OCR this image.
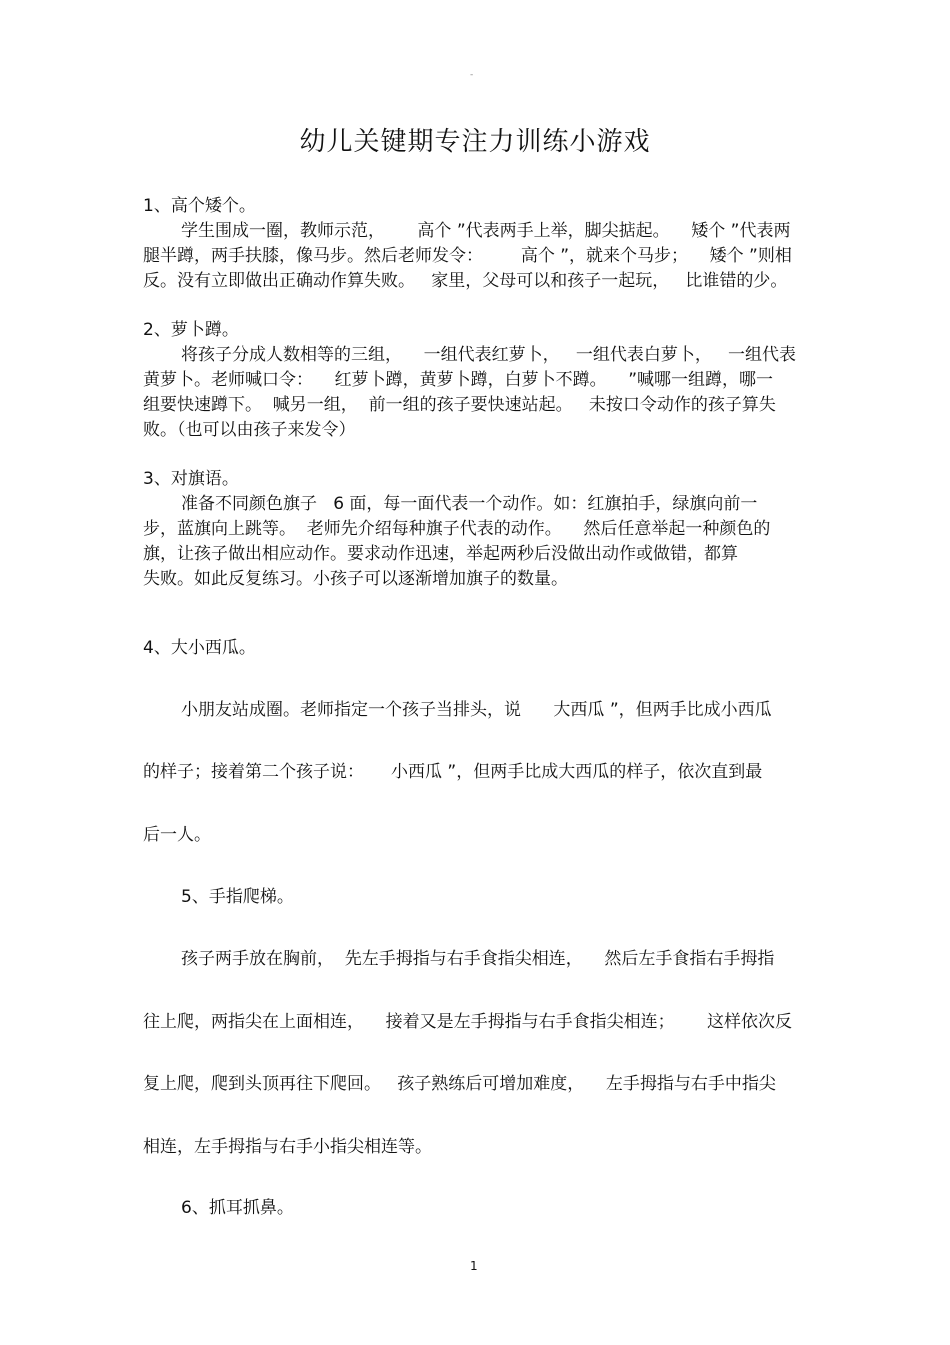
-
幼儿关键期专注力训练小游戏
1、高个矮个。
学生围成一圈，教师示范，      高个 ”代表两手上举，脚尖掂起。    矮个 ”代表两
腿半蹲，两手扶膝，像马步。然后老师发令：       高个 ”，就来个马步；    矮个 ”则相
反。没有立即做出正确动作算失败。   家里，父母可以和孩子一起玩，   比谁错的少。
2、萝卜蹲。
将孩子分成人数相等的三组，    一组代表红萝卜，   一组代表白萝卜，   一组代表
黄萝卜。老师喊口令：    红萝卜蹲，黄萝卜蹲，白萝卜不蹲。    ”喊哪一组蹲，哪一
组要快速蹲下。  喊另一组，  前一组的孩子要快速站起。   未按口令动作的孩子算失
败。（也可以由孩子来发令）
3、对旗语。
准备不同颜色旗子   6 面，每一面代表一个动作。如：红旗拍手，绿旗向前一
步，蓝旗向上跳等。  老师先介绍每种旗子代表的动作。    然后任意举起一种颜色的
旗，让孩子做出相应动作。要求动作迅速，举起两秒后没做出动作或做错，都算
失败。如此反复练习。小孩子可以逐渐增加旗子的数量。
4、大小西瓜。
小朋友站成圈。老师指定一个孩子当排头，说      大西瓜 ”，但两手比成小西瓜
的样子；接着第二个孩子说：     小西瓜 ”，但两手比成大西瓜的样子，依次直到最
后一人。
5、手指爬梯。
孩子两手放在胸前，  先左手拇指与右手食指尖相连，    然后左手食指右手拇指
往上爬，两指尖在上面相连，    接着又是左手拇指与右手食指尖相连；      这样依次反
复上爬，爬到头顶再往下爬回。   孩子熟练后可增加难度，    左手拇指与右手中指尖
相连，左手拇指与右手小指尖相连等。
6、抓耳抓鼻。
1
